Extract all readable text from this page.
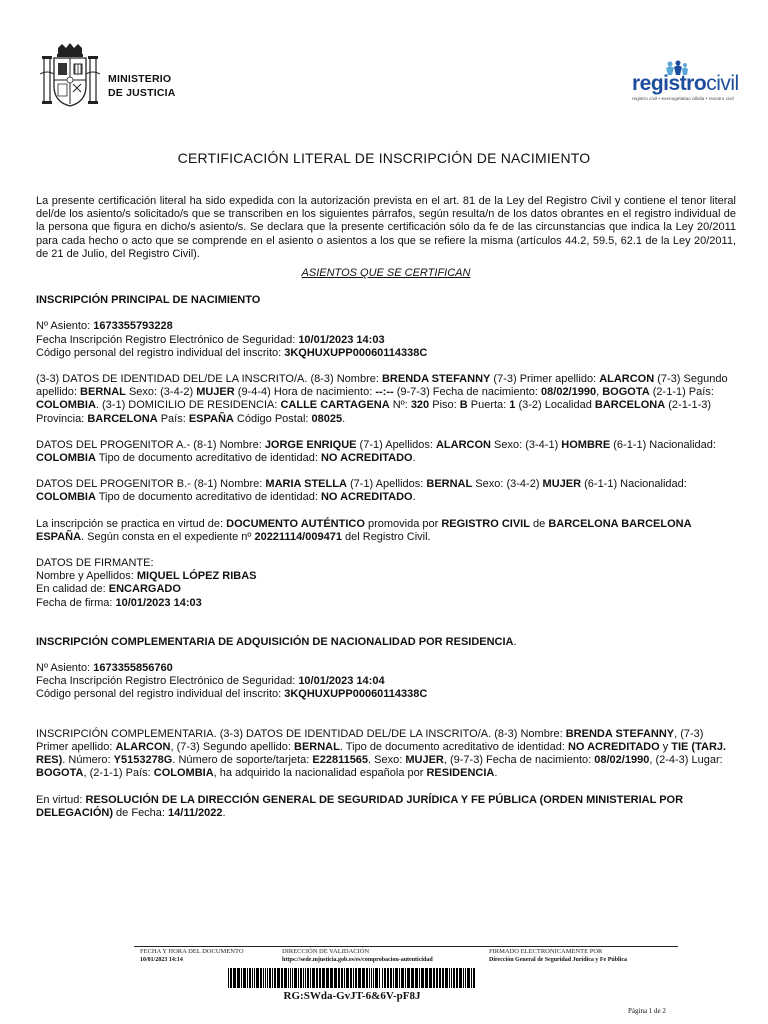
MINISTERIO
DE JUSTICIA	registrocivil
registro civil • exenogelatiao allidia • rexistro civil
CERTIFICACIÓN LITERAL DE INSCRIPCIÓN DE NACIMIENTO

La presente certificación literal ha sido expedida con la autorización prevista en el art. 81 de la Ley del Registro Civil y contiene el tenor literal del/de los asiento/s solicitado/s que se transcriben en los siguientes párrafos, según resulta/n de los datos obrantes en el registro individual de la persona que figura en dicho/s asiento/s. Se declara que la presente certificación sólo da fe de las circunstancias que indica la Ley 20/2011 para cada hecho o acto que se comprende en el asiento o asientos a los que se refiere la misma (artículos 44.2, 59.5, 62.1 de la Ley 20/2011, de 21 de Julio, del Registro Civil).

ASIENTOS QUE SE CERTIFICAN

INSCRIPCIÓN PRINCIPAL DE NACIMIENTO

Nº Asiento: 1673355793228

Fecha Inscripción Registro Electrónico de Seguridad: 10/01/2023 14:03

Código personal del registro individual del inscrito: 3KQHUXUPP00060114338C

(3-3) DATOS DE IDENTIDAD DEL/DE LA INSCRITO/A. (8-3) Nombre: BRENDA STEFANNY (7-3) Primer apellido: ALARCON (7-3) Segundo apellido: BERNAL Sexo: (3-4-2) MUJER (9-4-4) Hora de nacimiento: --:-- (9-7-3) Fecha de nacimiento: 08/02/1990, BOGOTA (2-1-1) País: COLOMBIA. (3-1) DOMICILIO DE RESIDENCIA: CALLE CARTAGENA Nº: 320 Piso: B Puerta: 1 (3-2) Localidad BARCELONA (2-1-1-3) Provincia: BARCELONA País: ESPAÑA Código Postal: 08025.

DATOS DEL PROGENITOR A.- (8-1) Nombre: JORGE ENRIQUE (7-1) Apellidos: ALARCON Sexo: (3-4-1) HOMBRE (6-1-1) Nacionalidad: COLOMBIA Tipo de documento acreditativo de identidad: NO ACREDITADO.

DATOS DEL PROGENITOR B.- (8-1) Nombre: MARIA STELLA (7-1) Apellidos: BERNAL Sexo: (3-4-2) MUJER (6-1-1) Nacionalidad: COLOMBIA Tipo de documento acreditativo de identidad: NO ACREDITADO.

La inscripción se practica en virtud de: DOCUMENTO AUTÉNTICO promovida por REGISTRO CIVIL de BARCELONA BARCELONA ESPAÑA. Según consta en el expediente nº 20221114/009471 del Registro Civil.

DATOS DE FIRMANTE:

Nombre y Apellidos: MIQUEL LÓPEZ RIBAS

En calidad de: ENCARGADO

Fecha de firma: 10/01/2023 14:03

INSCRIPCIÓN COMPLEMENTARIA DE ADQUISICIÓN DE NACIONALIDAD POR RESIDENCIA.

Nº Asiento: 1673355856760

Fecha Inscripción Registro Electrónico de Seguridad: 10/01/2023 14:04

Código personal del registro individual del inscrito: 3KQHUXUPP00060114338C

INSCRIPCIÓN COMPLEMENTARIA. (3-3) DATOS DE IDENTIDAD DEL/DE LA INSCRITO/A. (8-3) Nombre: BRENDA STEFANNY, (7-3) Primer apellido: ALARCON, (7-3) Segundo apellido: BERNAL. Tipo de documento acreditativo de identidad: NO ACREDITADO y TIE (TARJ. RES). Número: Y5153278G. Número de soporte/tarjeta: E22811565. Sexo: MUJER, (9-7-3) Fecha de nacimiento: 08/02/1990, (2-4-3) Lugar: BOGOTA, (2-1-1) País: COLOMBIA, ha adquirido la nacionalidad española por RESIDENCIA.

En virtud: RESOLUCIÓN DE LA DIRECCIÓN GENERAL DE SEGURIDAD JURÍDICA Y FE PÚBLICA (ORDEN MINISTERIAL POR DELEGACIÓN) de Fecha: 14/11/2022.

FECHA Y HORA DEL DOCUMENTO
10/01/2023 14:14
DIRECCIÓN DE VALIDACIÓN
https://sede.mjusticia.gob.es/es/comprobacion-autenticidad
FIRMADO ELECTRONICAMENTE POR
Dirección General de Seguridad Jurídica y Fe Pública
RG:SWda-GvJT-6&6V-pF8J
Página 1 de 2
